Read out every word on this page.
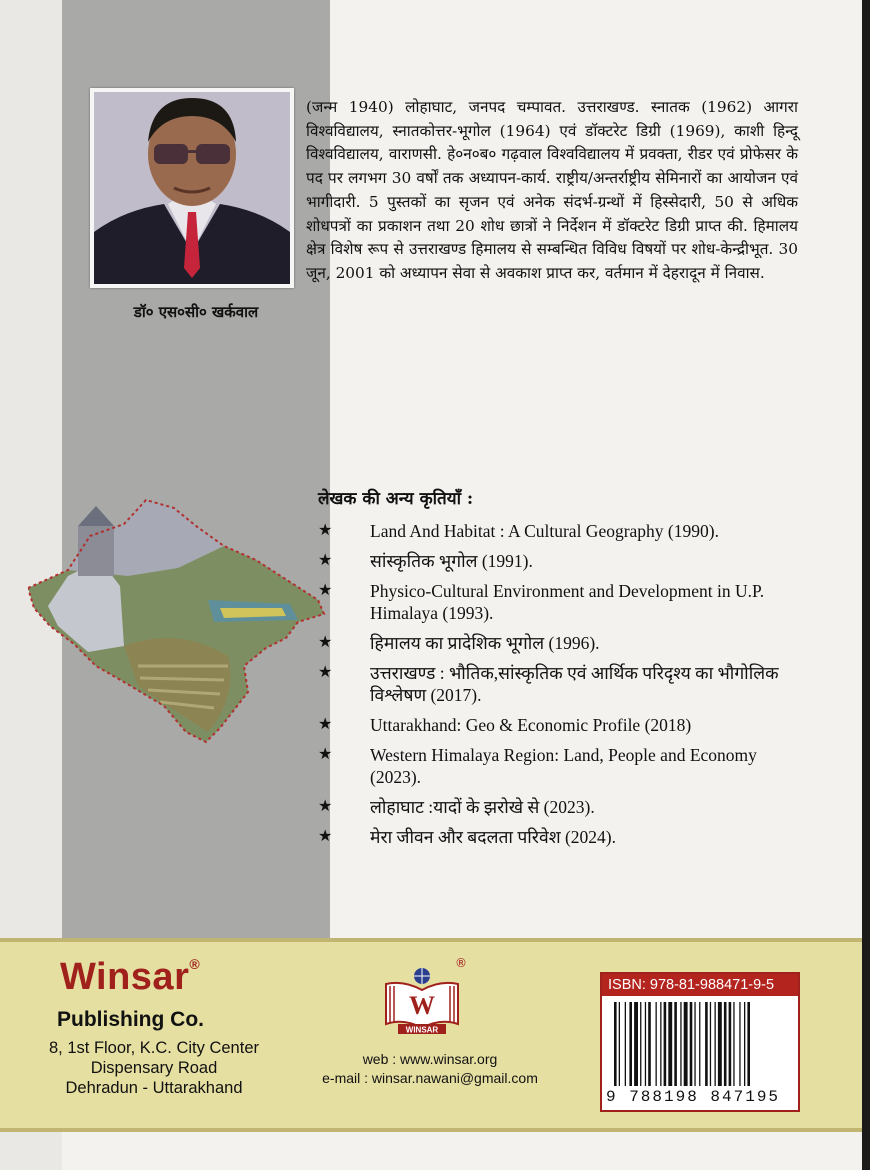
डॉ० एस०सी० खर्कवाल

(जन्म 1940) लोहाघाट, जनपद चम्पावत. उत्तराखण्ड. स्नातक (1962) आगरा विश्वविद्यालय, स्नातकोत्तर-भूगोल (1964) एवं डॉक्टरेट डिग्री (1969), काशी हिन्दू विश्वविद्यालय, वाराणसी. हे०न०ब० गढ़वाल विश्वविद्यालय में प्रवक्ता, रीडर एवं प्रोफेसर के पद पर लगभग 30 वर्षों तक अध्यापन-कार्य. राष्ट्रीय/अन्तर्राष्ट्रीय सेमिनारों का आयोजन एवं भागीदारी. 5 पुस्तकों का सृजन एवं अनेक संदर्भ-ग्रन्थों में हिस्सेदारी, 50 से अधिक शोधपत्रों का प्रकाशन तथा 20 शोध छात्रों ने निर्देशन में डॉक्टरेट डिग्री प्राप्त की. हिमालय क्षेत्र विशेष रूप से उत्तराखण्ड हिमालय से सम्बन्धित विविध विषयों पर शोध-केन्द्रीभूत. 30 जून, 2001 को अध्यापन सेवा से अवकाश प्राप्त कर, वर्तमान में देहरादून में निवास.

लेखक की अन्य कृतियाँ :

★ Land And Habitat : A Cultural Geography (1990).
★ सांस्कृतिक भूगोल (1991).
★ Physico-Cultural Environment and Development in U.P. Himalaya (1993).
★ हिमालय का प्रादेशिक भूगोल (1996).
★ उत्तराखण्ड : भौतिक,सांस्कृतिक एवं आर्थिक परिदृश्य का भौगोलिक विश्लेषण (2017).
★ Uttarakhand: Geo & Economic Profile (2018)
★ Western Himalaya Region: Land, People and Economy (2023).
★ लोहाघाट :यादों के झरोखे से (2023).
★ मेरा जीवन और बदलता परिवेश (2024).
Winsar®
Publishing Co.
8, 1st Floor, K.C. City Center
Dispensary Road
Dehradun - Uttarakhand
W
WINSAR
®
web : www.winsar.org
e-mail : winsar.nawani@gmail.com
ISBN: 978-81-988471-9-5
9 788198 847195
